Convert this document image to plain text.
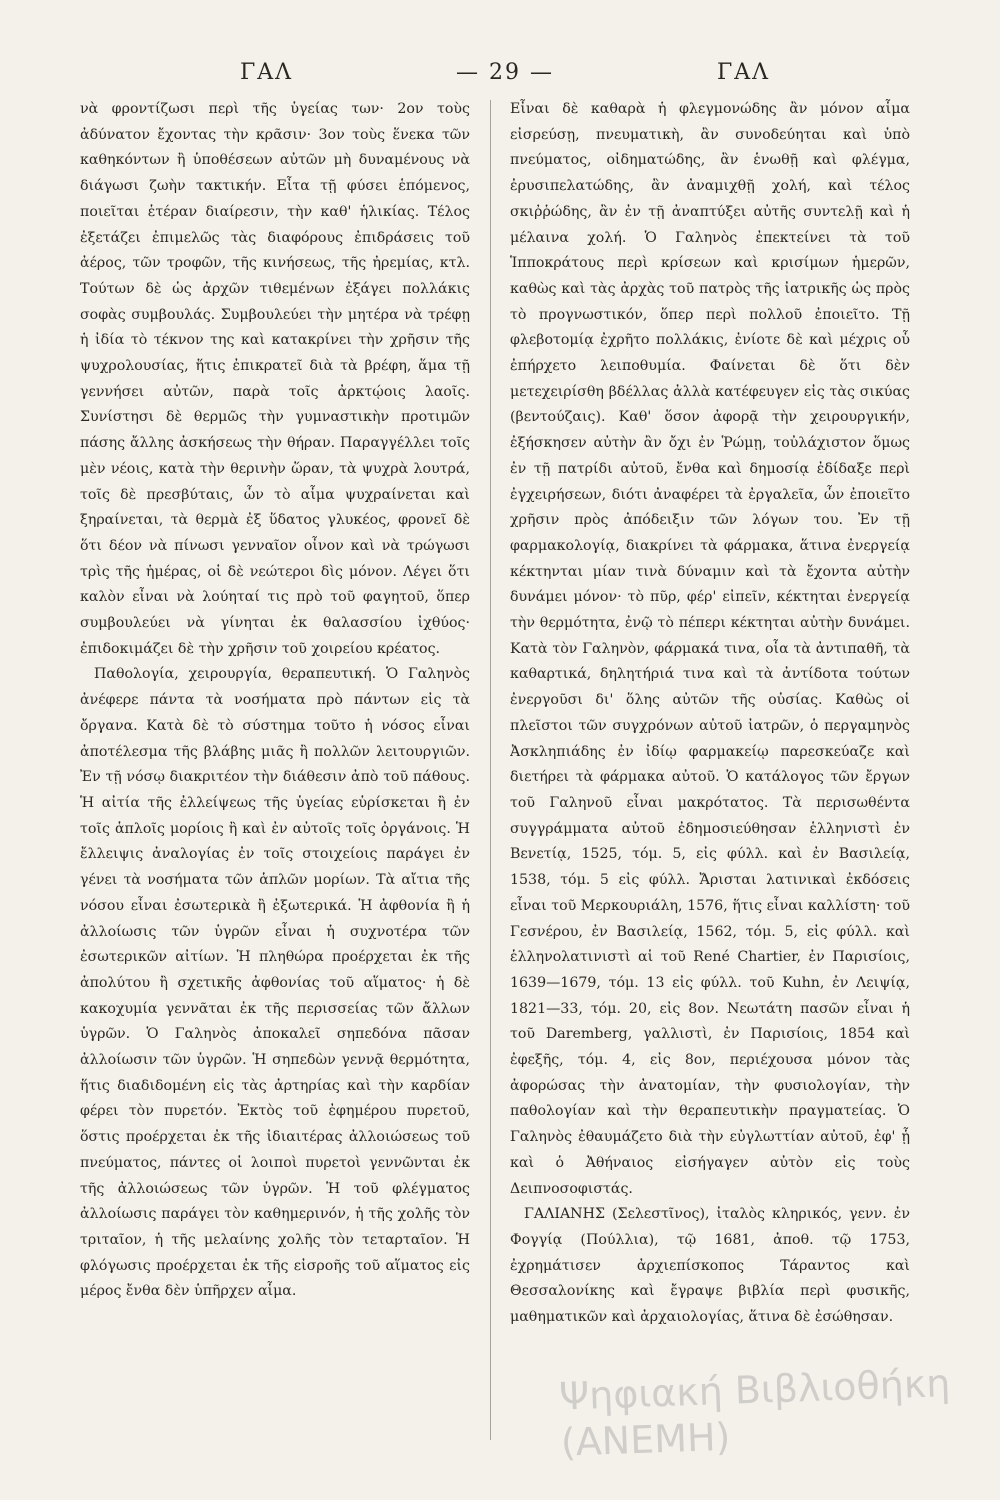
ΓΑΛ	— 29 —	ΓΑΛ

νὰ φροντίζωσι περὶ τῆς ὑγείας των· 2ον τοὺς ἀδύνατον ἔχοντας τὴν κρᾶσιν· 3ον τοὺς ἕνεκα τῶν καθηκόντων ἢ ὑποθέσεων αὐτῶν μὴ δυναμένους νὰ διάγωσι ζωὴν τακτικήν. Εἶτα τῇ φύσει ἑπόμενος, ποιεῖται ἑτέραν διαίρεσιν, τὴν καθ' ἡλικίας. Τέλος ἐξετάζει ἐπιμελῶς τὰς διαφόρους ἐπιδράσεις τοῦ ἀέρος, τῶν τροφῶν, τῆς κινήσεως, τῆς ἠρεμίας, κτλ. Τούτων δὲ ὡς ἀρχῶν τιθεμένων ἐξάγει πολλάκις σοφὰς συμβουλάς. Συμβουλεύει τὴν μητέρα νὰ τρέφῃ ἡ ἰδία τὸ τέκνον της καὶ κατακρίνει τὴν χρῆσιν τῆς ψυχρολουσίας, ἥτις ἐπικρατεῖ διὰ τὰ βρέφη, ἅμα τῇ γεννήσει αὐτῶν, παρὰ τοῖς ἀρκτῴοις λαοῖς. Συνίστησι δὲ θερμῶς τὴν γυμναστικὴν προτιμῶν πάσης ἄλλης ἀσκήσεως τὴν θήραν. Παραγγέλλει τοῖς μὲν νέοις, κατὰ τὴν θερινὴν ὥραν, τὰ ψυχρὰ λουτρά, τοῖς δὲ πρεσβύταις, ὧν τὸ αἷμα ψυχραίνεται καὶ ξηραίνεται, τὰ θερμὰ ἐξ ὕδατος γλυκέος, φρονεῖ δὲ ὅτι δέον νὰ πίνωσι γενναῖον οἶνον καὶ νὰ τρώγωσι τρὶς τῆς ἡμέρας, οἱ δὲ νεώτεροι δὶς μόνον. Λέγει ὅτι καλὸν εἶναι νὰ λούηταί τις πρὸ τοῦ φαγητοῦ, ὅπερ συμβουλεύει νὰ γίνηται ἐκ θαλασσίου ἰχθύος· ἐπιδοκιμάζει δὲ τὴν χρῆσιν τοῦ χοιρείου κρέατος.

Παθολογία, χειρουργία, θεραπευτική. Ὁ Γαληνὸς ἀνέφερε πάντα τὰ νοσήματα πρὸ πάντων εἰς τὰ ὄργανα. Κατὰ δὲ τὸ σύστημα τοῦτο ἡ νόσος εἶναι ἀποτέλεσμα τῆς βλάβης μιᾶς ἢ πολλῶν λειτουργιῶν. Ἐν τῇ νόσῳ διακριτέον τὴν διάθεσιν ἀπὸ τοῦ πάθους. Ἡ αἰτία τῆς ἐλλείψεως τῆς ὑγείας εὑρίσκεται ἢ ἐν τοῖς ἁπλοῖς μορίοις ἢ καὶ ἐν αὐτοῖς τοῖς ὀργάνοις. Ἡ ἔλλειψις ἀναλογίας ἐν τοῖς στοιχείοις παράγει ἐν γένει τὰ νοσήματα τῶν ἁπλῶν μορίων. Τὰ αἴτια τῆς νόσου εἶναι ἐσωτερικὰ ἢ ἐξωτερικά. Ἡ ἀφθονία ἢ ἡ ἀλλοίωσις τῶν ὑγρῶν εἶναι ἡ συχνοτέρα τῶν ἐσωτερικῶν αἰτίων. Ἡ πληθώρα προέρχεται ἐκ τῆς ἀπολύτου ἢ σχετικῆς ἀφθονίας τοῦ αἵματος· ἡ δὲ κακοχυμία γεννᾶται ἐκ τῆς περισσείας τῶν ἄλλων ὑγρῶν. Ὁ Γαληνὸς ἀποκαλεῖ σηπεδόνα πᾶσαν ἀλλοίωσιν τῶν ὑγρῶν. Ἡ σηπεδὼν γεννᾷ θερμότητα, ἥτις διαδιδομένη εἰς τὰς ἀρτηρίας καὶ τὴν καρδίαν φέρει τὸν πυρετόν. Ἐκτὸς τοῦ ἐφημέρου πυρετοῦ, ὅστις προέρχεται ἐκ τῆς ἰδιαιτέρας ἀλλοιώσεως τοῦ πνεύματος, πάντες οἱ λοιποὶ πυρετοὶ γεννῶνται ἐκ τῆς ἀλλοιώσεως τῶν ὑγρῶν. Ἡ τοῦ φλέγματος ἀλλοίωσις παράγει τὸν καθημερινόν, ἡ τῆς χολῆς τὸν τριταῖον, ἡ τῆς μελαίνης χολῆς τὸν τεταρταῖον. Ἡ φλόγωσις προέρχεται ἐκ τῆς εἰσροῆς τοῦ αἵματος εἰς μέρος ἔνθα δὲν ὑπῆρχεν αἷμα.

Εἶναι δὲ καθαρὰ ἡ φλεγμονώδης ἂν μόνον αἷμα εἰσρεύσῃ, πνευματικὴ, ἂν συνοδεύηται καὶ ὑπὸ πνεύματος, οἰδηματώδης, ἂν ἑνωθῇ καὶ φλέγμα, ἐρυσιπελατώδης, ἂν ἀναμιχθῇ χολή, καὶ τέλος σκιῤῥώδης, ἂν ἐν τῇ ἀναπτύξει αὐτῆς συντελῇ καὶ ἡ μέλαινα χολή. Ὁ Γαληνὸς ἐπεκτείνει τὰ τοῦ Ἱπποκράτους περὶ κρίσεων καὶ κρισίμων ἡμερῶν, καθὼς καὶ τὰς ἀρχὰς τοῦ πατρὸς τῆς ἰατρικῆς ὡς πρὸς τὸ προγνωστικόν, ὅπερ περὶ πολλοῦ ἐποιεῖτο. Τῇ φλεβοτομίᾳ ἐχρῆτο πολλάκις, ἐνίοτε δὲ καὶ μέχρις οὗ ἐπήρχετο λειποθυμία. Φαίνεται δὲ ὅτι δὲν μετεχειρίσθη βδέλλας ἀλλὰ κατέφευγεν εἰς τὰς σικύας (βεντούζαις). Καθ' ὅσον ἀφορᾷ τὴν χειρουργικήν, ἐξήσκησεν αὐτὴν ἂν ὄχι ἐν Ῥώμῃ, τοὐλάχιστον ὅμως ἐν τῇ πατρίδι αὐτοῦ, ἔνθα καὶ δημοσίᾳ ἐδίδαξε περὶ ἐγχειρήσεων, διότι ἀναφέρει τὰ ἐργαλεῖα, ὧν ἐποιεῖτο χρῆσιν πρὸς ἀπόδειξιν τῶν λόγων του. Ἐν τῇ φαρμακολογίᾳ, διακρίνει τὰ φάρμακα, ἅτινα ἐνεργείᾳ κέκτηνται μίαν τινὰ δύναμιν καὶ τὰ ἔχοντα αὐτὴν δυνάμει μόνον· τὸ πῦρ, φέρ' εἰπεῖν, κέκτηται ἐνεργείᾳ τὴν θερμότητα, ἐνῷ τὸ πέπερι κέκτηται αὐτὴν δυνάμει. Κατὰ τὸν Γαληνὸν, φάρμακά τινα, οἷα τὰ ἀντιπαθῆ, τὰ καθαρτικά, δηλητήριά τινα καὶ τὰ ἀντίδοτα τούτων ἐνεργοῦσι δι' ὅλης αὐτῶν τῆς οὐσίας. Καθὼς οἱ πλεῖστοι τῶν συγχρόνων αὐτοῦ ἰατρῶν, ὁ περγαμηνὸς Ἀσκληπιάδης ἐν ἰδίῳ φαρμακείῳ παρεσκεύαζε καὶ διετήρει τὰ φάρμακα αὐτοῦ. Ὁ κατάλογος τῶν ἔργων τοῦ Γαληνοῦ εἶναι μακρότατος. Τὰ περισωθέντα συγγράμματα αὐτοῦ ἐδημοσιεύθησαν ἑλληνιστὶ ἐν Βενετίᾳ, 1525, τόμ. 5, εἰς φύλλ. καὶ ἐν Βασιλείᾳ, 1538, τόμ. 5 εἰς φύλλ. Ἄρισται λατινικαὶ ἐκδόσεις εἶναι τοῦ Μερκουριάλη, 1576, ἥτις εἶναι καλλίστη· τοῦ Γεσνέρου, ἐν Βασιλείᾳ, 1562, τόμ. 5, εἰς φύλλ. καὶ ἑλληνολατινιστὶ αἱ τοῦ René Chartier, ἐν Παρισίοις, 1639—1679, τόμ. 13 εἰς φύλλ. τοῦ Kuhn, ἐν Λειψίᾳ, 1821—33, τόμ. 20, εἰς 8ον. Νεωτάτη πασῶν εἶναι ἡ τοῦ Daremberg, γαλλιστὶ, ἐν Παρισίοις, 1854 καὶ ἐφεξῆς, τόμ. 4, εἰς 8ον, περιέχουσα μόνον τὰς ἀφορώσας τὴν ἀνατομίαν, τὴν φυσιολογίαν, τὴν παθολογίαν καὶ τὴν θεραπευτικὴν πραγματείας. Ὁ Γαληνὸς ἐθαυμάζετο διὰ τὴν εὐγλωττίαν αὐτοῦ, ἐφ' ᾗ καὶ ὁ Ἀθήναιος εἰσήγαγεν αὐτὸν εἰς τοὺς Δειπνοσοφιστάς.

ΓΑΛΙΑΝΗΣ (Σελεστῖνος), ἰταλὸς κληρικός, γενν. ἐν Φογγίᾳ (Πούλλια), τῷ 1681, ἀποθ. τῷ 1753, ἐχρημάτισεν ἀρχιεπίσκοπος Τάραντος καὶ Θεσσαλονίκης καὶ ἔγραψε βιβλία περὶ φυσικῆς, μαθηματικῶν καὶ ἀρχαιολογίας, ἅτινα δὲ ἐσώθησαν.

Ψηφιακή Βιβλιοθήκη
(ΑΝΕΜΗ)
